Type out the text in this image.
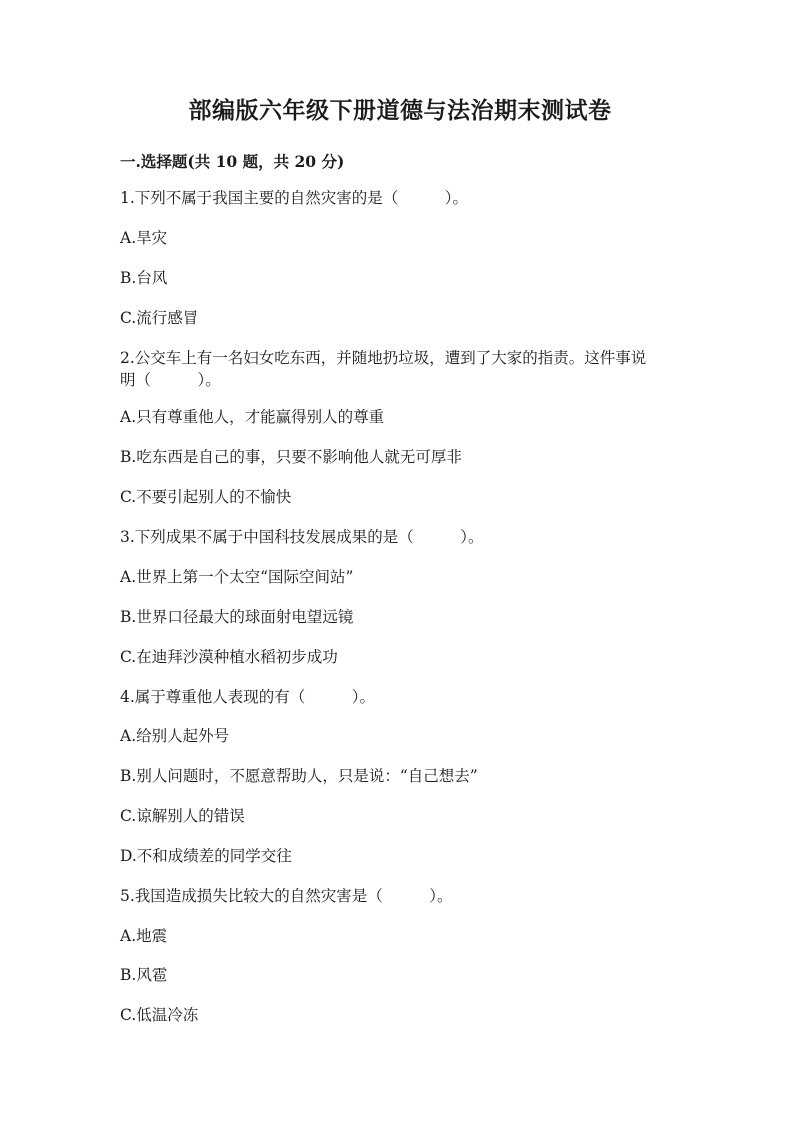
部编版六年级下册道德与法治期末测试卷
一.选择题(共 10 题，共 20 分)
1.下列不属于我国主要的自然灾害的是（　　　）。
A.旱灾
B.台风
C.流行感冒
2.公交车上有一名妇女吃东西，并随地扔垃圾，遭到了大家的指责。这件事说
明（　　　）。
A.只有尊重他人，才能赢得别人的尊重
B.吃东西是自己的事，只要不影响他人就无可厚非
C.不要引起别人的不愉快
3.下列成果不属于中国科技发展成果的是（　　　）。
A.世界上第一个太空“国际空间站”
B.世界口径最大的球面射电望远镜
C.在迪拜沙漠种植水稻初步成功
4.属于尊重他人表现的有（　　　）。
A.给别人起外号
B.别人问题时，不愿意帮助人，只是说：“自己想去”
C.谅解别人的错误
D.不和成绩差的同学交往
5.我国造成损失比较大的自然灾害是（　　　）。
A.地震
B.风雹
C.低温冷冻
